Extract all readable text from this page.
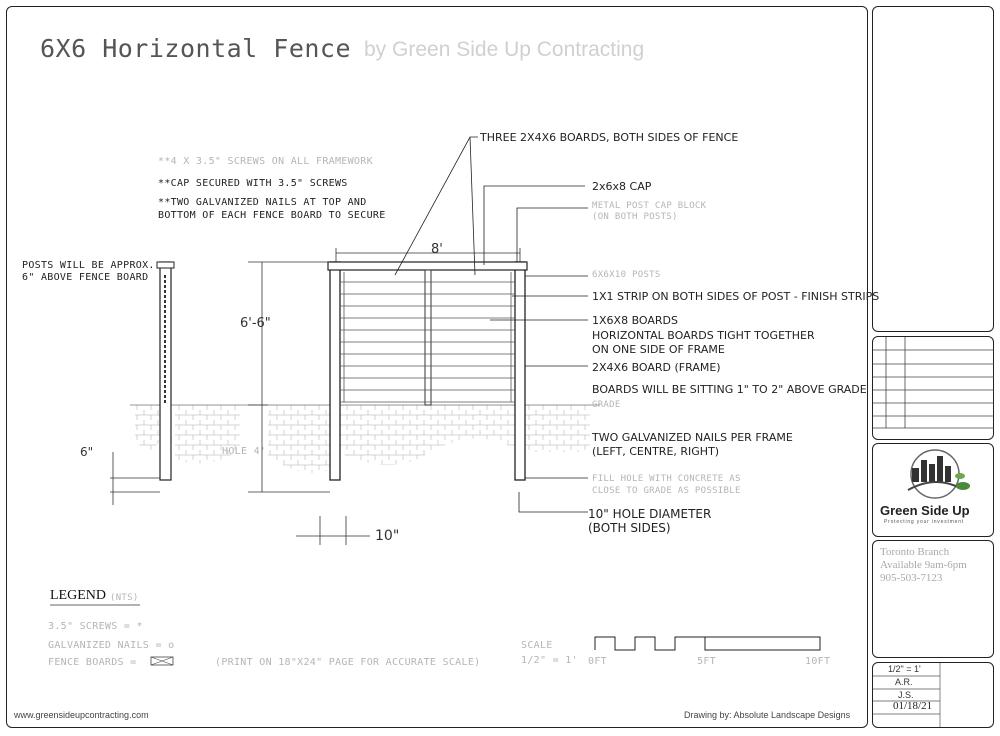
6X6 Horizontal Fence by Green Side Up Contracting
**4 X 3.5" SCREWS ON ALL FRAMEWORK
**CAP SECURED WITH 3.5" SCREWS
**TWO GALVANIZED NAILS AT TOP AND
BOTTOM OF EACH FENCE BOARD TO SECURE
POSTS WILL BE APPROX.
6" ABOVE FENCE BOARD
8'
6'-6"
HOLE 4'
6"
10"
THREE 2X4X6 BOARDS, BOTH SIDES OF FENCE
2x6x8 CAP
METAL POST CAP BLOCK
(ON BOTH POSTS)
6X6X10 POSTS
1X1 STRIP ON BOTH SIDES OF POST - FINISH STRIPS
1X6X8 BOARDS
HORIZONTAL BOARDS TIGHT TOGETHER
ON ONE SIDE OF FRAME
2X4X6 BOARD (FRAME)
BOARDS WILL BE SITTING 1" TO 2" ABOVE GRADE
GRADE
TWO GALVANIZED NAILS PER FRAME
(LEFT, CENTRE, RIGHT)
FILL HOLE WITH CONCRETE AS
CLOSE TO GRADE AS POSSIBLE
10" HOLE DIAMETER
(BOTH SIDES)
LEGEND (NTS)
3.5" SCREWS = *
GALVANIZED NAILS = o
FENCE BOARDS =	(PRINT ON 18"X24" PAGE FOR ACCURATE SCALE)
SCALE
1/2" = 1' 0FT	5FT	10FT
www.greensideupcontracting.com	Drawing by: Absolute Landscape Designs
Green Side Up
Protecting your investment
Toronto Branch
Available 9am-6pm
905-503-7123
1/2" = 1'
A.R.
J.S.
01/18/21
